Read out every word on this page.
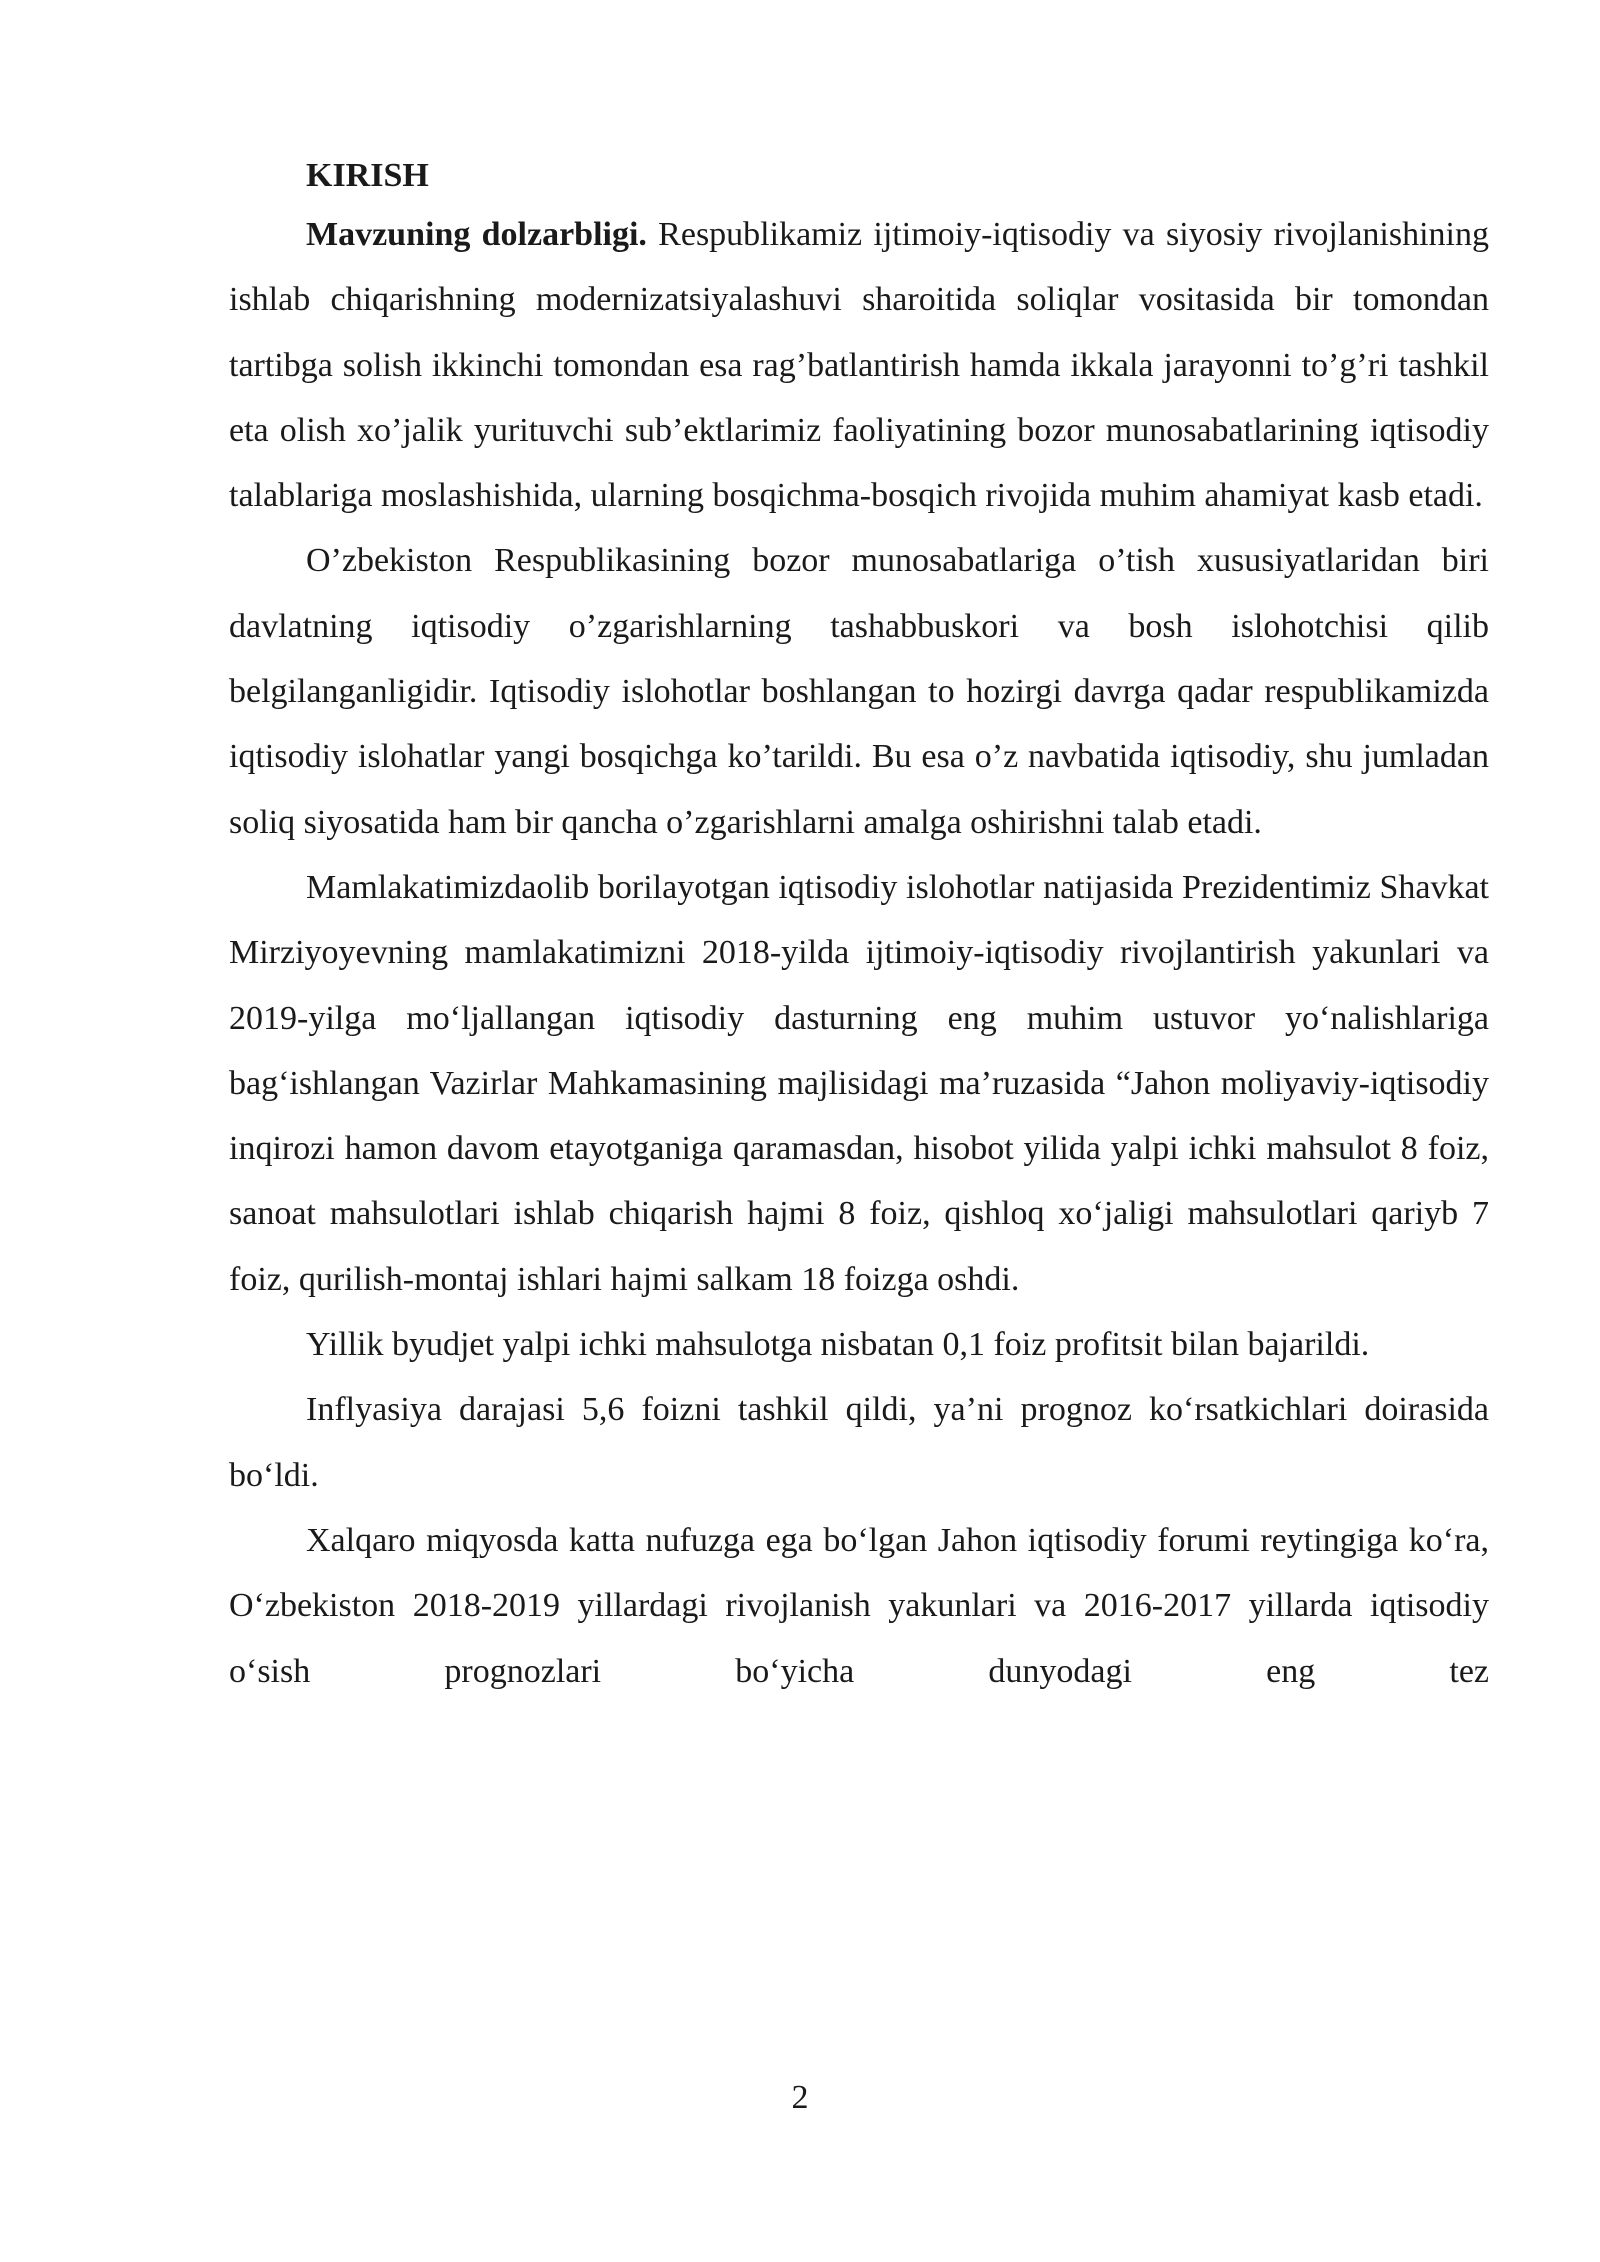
KIRISH

Mavzuning dolzarbligi. Respublikamiz ijtimoiy-iqtisodiy va siyosiy rivojlanishining ishlab chiqarishning modernizatsiyalashuvi sharoitida soliqlar vositasida bir tomondan tartibga solish ikkinchi tomondan esa rag’batlantirish hamda ikkala jarayonni to’g’ri tashkil eta olish xo’jalik yurituvchi sub’ektlarimiz faoliyatining bozor munosabatlarining iqtisodiy talablariga moslashishida, ularning bosqichma-bosqich rivojida muhim ahamiyat kasb etadi.

O’zbekiston Respublikasining bozor munosabatlariga o’tish xususiyatlaridan biri davlatning iqtisodiy o’zgarishlarning tashabbuskori va bosh islohotchisi qilib belgilanganligidir. Iqtisodiy islohotlar boshlangan to hozirgi davrga qadar respublikamizda iqtisodiy islohatlar yangi bosqichga ko’tarildi. Bu esa o’z navbatida iqtisodiy, shu jumladan soliq siyosatida ham bir qancha o’zgarishlarni amalga oshirishni talab etadi.

Mamlakatimizdaolib borilayotgan iqtisodiy islohotlar natijasida Prezidentimiz Shavkat Mirziyoyevning mamlakatimizni 2018-yilda ijtimoiy-iqtisodiy rivojlantirish yakunlari va 2019-yilga mo‘ljallangan iqtisodiy dasturning eng muhim ustuvor yo‘nalishlariga bag‘ishlangan Vazirlar Mahkamasining majlisidagi ma’ruzasida “Jahon moliyaviy-iqtisodiy inqirozi hamon davom etayotganiga qaramasdan, hisobot yilida yalpi ichki mahsulot 8 foiz, sanoat mahsulotlari ishlab chiqarish hajmi 8 foiz, qishloq xo‘jaligi mahsulotlari qariyb 7 foiz, qurilish-montaj ishlari hajmi salkam 18 foizga oshdi.

Yillik byudjet yalpi ichki mahsulotga nisbatan 0,1 foiz profitsit bilan bajarildi.

Inflyasiya darajasi 5,6 foizni tashkil qildi, ya’ni prognoz ko‘rsatkichlari doirasida bo‘ldi.

Xalqaro miqyosda katta nufuzga ega bo‘lgan Jahon iqtisodiy forumi reytingiga ko‘ra, O‘zbekiston 2018-2019 yillardagi rivojlanish yakunlari va 2016-2017 yillarda iqtisodiy o‘sish prognozlari bo‘yicha dunyodagi eng tez

2
